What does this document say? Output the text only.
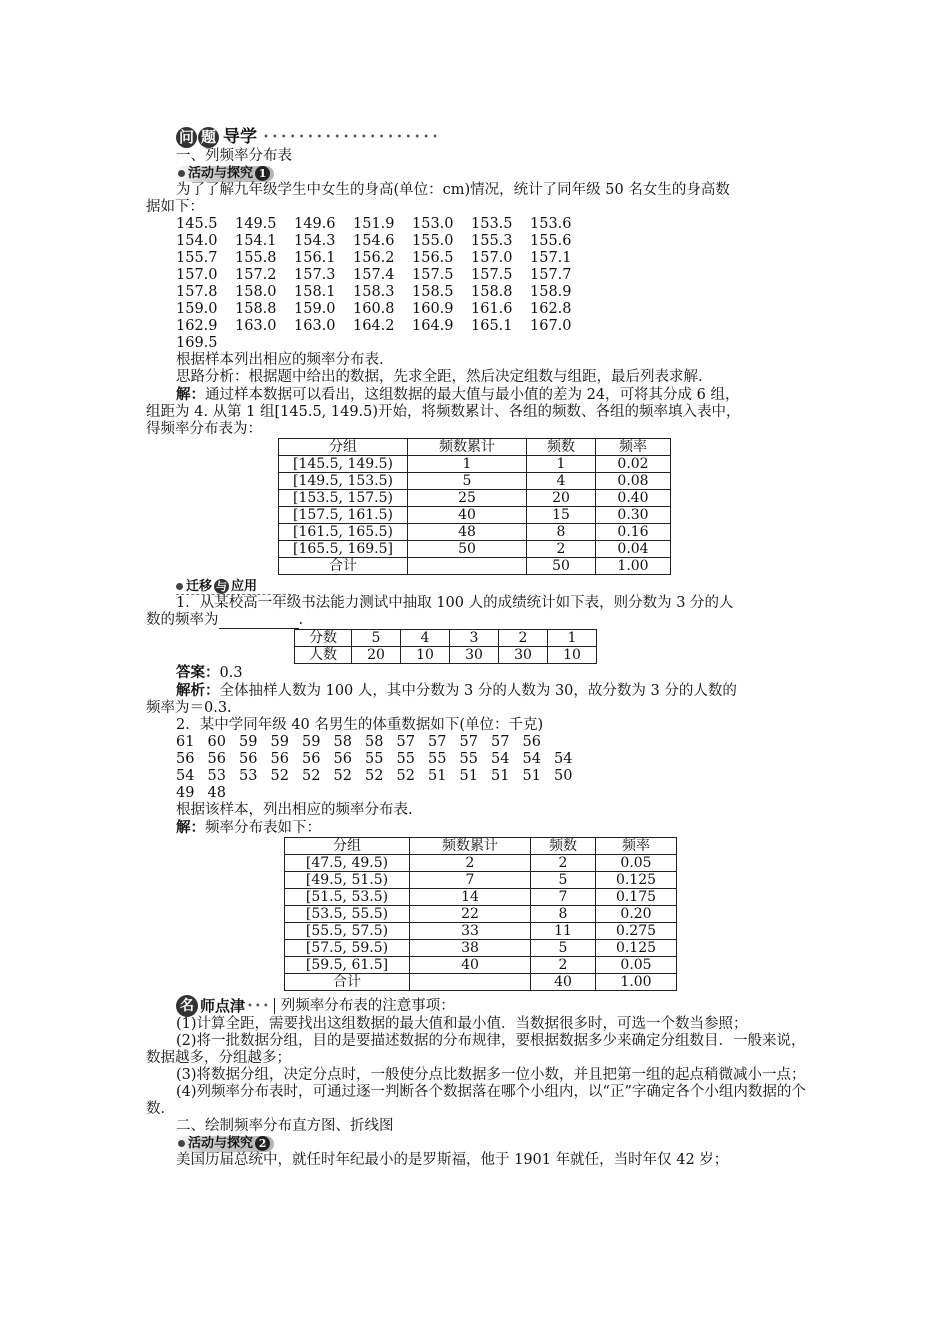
问 题 导学 ••••••••••••••••••••
一、列频率分布表
活动与探究 1
为了了解九年级学生中女生的身高(单位：cm)情况，统计了同年级 50 名女生的身高数
据如下：
145.5 149.5 149.6 151.9 153.0 153.5 153.6
154.0 154.1 154.3 154.6 155.0 155.3 155.6
155.7 155.8 156.1 156.2 156.5 157.0 157.1
157.0 157.2 157.3 157.4 157.5 157.5 157.7
157.8 158.0 158.1 158.3 158.5 158.8 158.9
159.0 158.8 159.0 160.8 160.9 161.6 162.8
162.9 163.0 163.0 164.2 164.9 165.1 167.0
169.5
根据样本列出相应的频率分布表.
思路分析：根据题中给出的数据，先求全距，然后决定组数与组距，最后列表求解.
解：通过样本数据可以看出，这组数据的最大值与最小值的差为 24，可将其分成 6 组，
组距为 4. 从第 1 组[145.5, 149.5)开始，将频数累计、各组的频数、各组的频率填入表中，
得频率分布表为：
分组	频数累计	频数	频率
[145.5, 149.5)	1	1	0.02
[149.5, 153.5)	5	4	0.08
[153.5, 157.5)	25	20	0.40
[157.5, 161.5)	40	15	0.30
[161.5, 165.5)	48	8	0.16
[165.5, 169.5]	50	2	0.04
合计		50	1.00
迁移 与 应用
1．从某校高一年级书法能力测试中抽取 100 人的成绩统计如下表，则分数为 3 分的人
数的频率为	.
分数	5	4	3	2	1
人数	20	10	30	30	10
答案：0.3
解析：全体抽样人数为 100 人，其中分数为 3 分的人数为 30，故分数为 3 分的人数的
频率为＝0.3.
2．某中学同年级 40 名男生的体重数据如下(单位：千克)
61 60 59 59 59 58 58 57 57 57 57 56
56 56 56 56 56 56 55 55 55 55 54 54 54
54 53 53 52 52 52 52 52 51 51 51 51 50
49 48
根据该样本，列出相应的频率分布表.
解：频率分布表如下：
分组	频数累计	频数	频率
[47.5, 49.5)	2	2	0.05
[49.5, 51.5)	7	5	0.125
[51.5, 53.5)	14	7	0.175
[53.5, 55.5)	22	8	0.20
[55.5, 57.5)	33	11	0.275
[57.5, 59.5)	38	5	0.125
[59.5, 61.5]	40	2	0.05
合计		40	1.00
名 师点津 ••• 列频率分布表的注意事项：
(1)计算全距，需要找出这组数据的最大值和最小值．当数据很多时，可选一个数当参照；
(2)将一批数据分组，目的是要描述数据的分布规律，要根据数据多少来确定分组数目．一般来说，数据越多，分组越多；
(3)将数据分组，决定分点时，一般使分点比数据多一位小数，并且把第一组的起点稍微减小一点；
(4)列频率分布表时，可通过逐一判断各个数据落在哪个小组内，以“正”字确定各个小组内数据的个数．
二、绘制频率分布直方图、折线图
活动与探究 2
美国历届总统中，就任时年纪最小的是罗斯福，他于 1901 年就任，当时年仅 42 岁；
